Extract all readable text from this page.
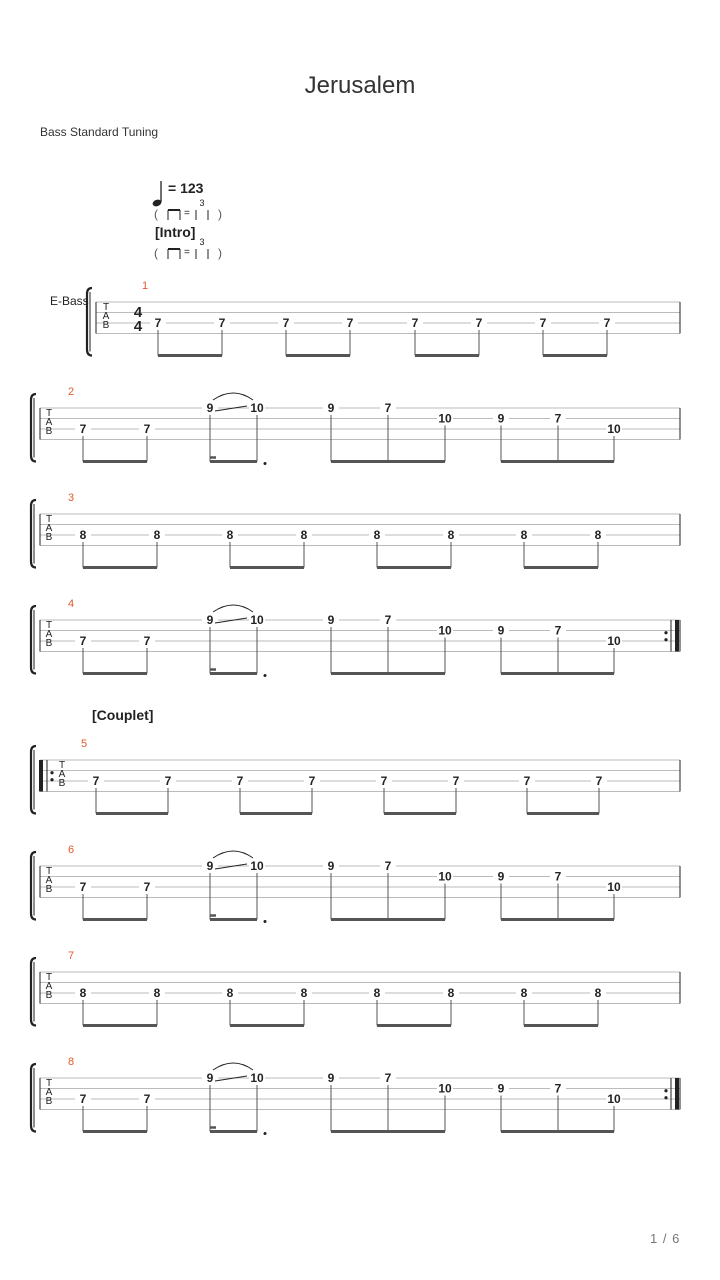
Jerusalem
Bass Standard Tuning
= 123
[Intro]
[Couplet]
E-Bass T
A
B
4
4
1
7	7	7	7	7	7	7	7
T
A
B
2
7	7
9	10	9	7
10	9	7
10
T
A
B
3
8	8	8	8	8	8	8	8
T
A
B
4
7	7
9	10	9	7
10	9	7
10
T
A
B
5
7	7	7	7	7	7	7	7
T
A
B
6
7	7
9	10	9	7
10	9	7
10
T
A
B
7
8	8	8	8	8	8	8	8
T
A
B
8
7	7
9	10	9	7
10	9	7
10
(	=
3
)
(	=
3
)
1 / 6
